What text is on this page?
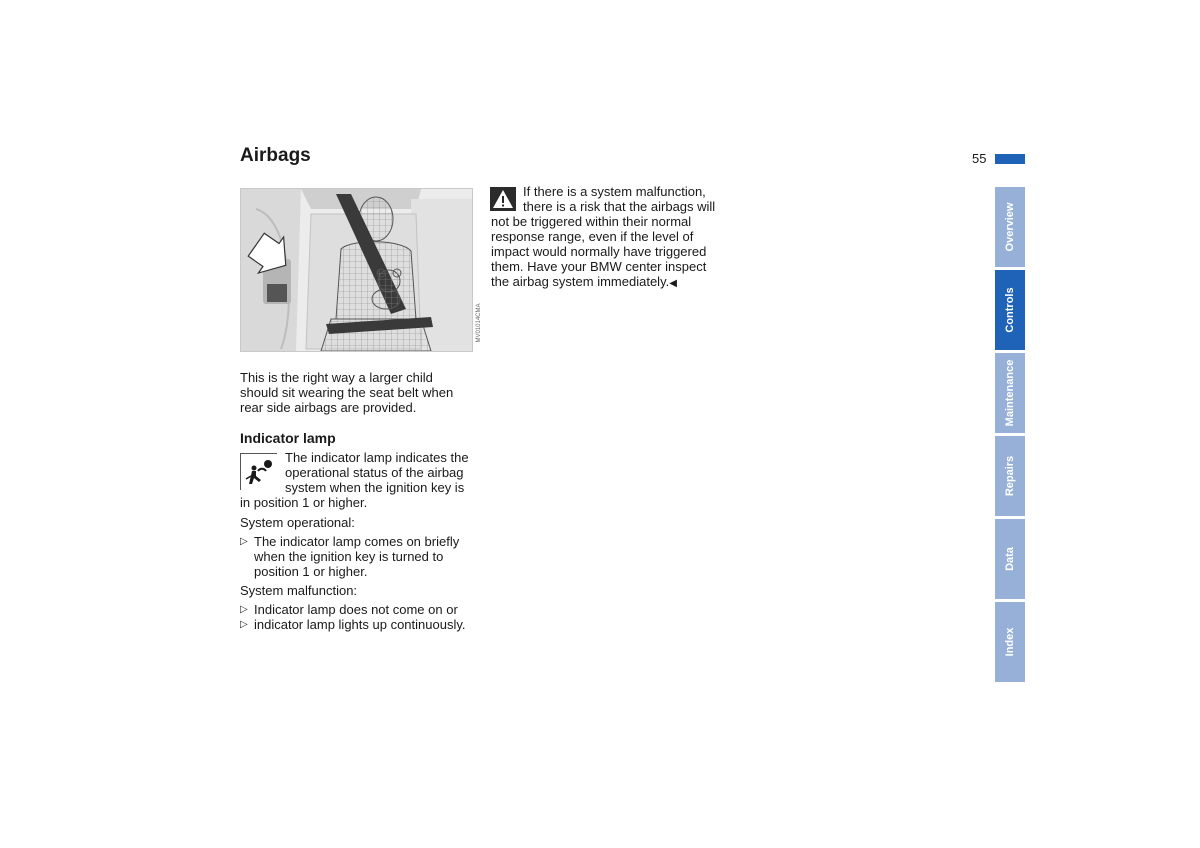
Airbags	55
MV01014CMA
This is the right way a larger child
should sit wearing the seat belt when
rear side airbags are provided.
Indicator lamp
The indicator lamp indicates the
operational status of the airbag
system when the ignition key is
in position 1 or higher.
System operational:
▷ The indicator lamp comes on briefly
when the ignition key is turned to
position 1 or higher.
System malfunction:
▷ Indicator lamp does not come on or
▷ indicator lamp lights up continuously.
If there is a system malfunction,
there is a risk that the airbags will
not be triggered within their normal
response range, even if the level of
impact would normally have triggered
them. Have your BMW center inspect
the airbag system immediately.◀
Overview
Controls
Maintenance
Repairs
Data
Index
